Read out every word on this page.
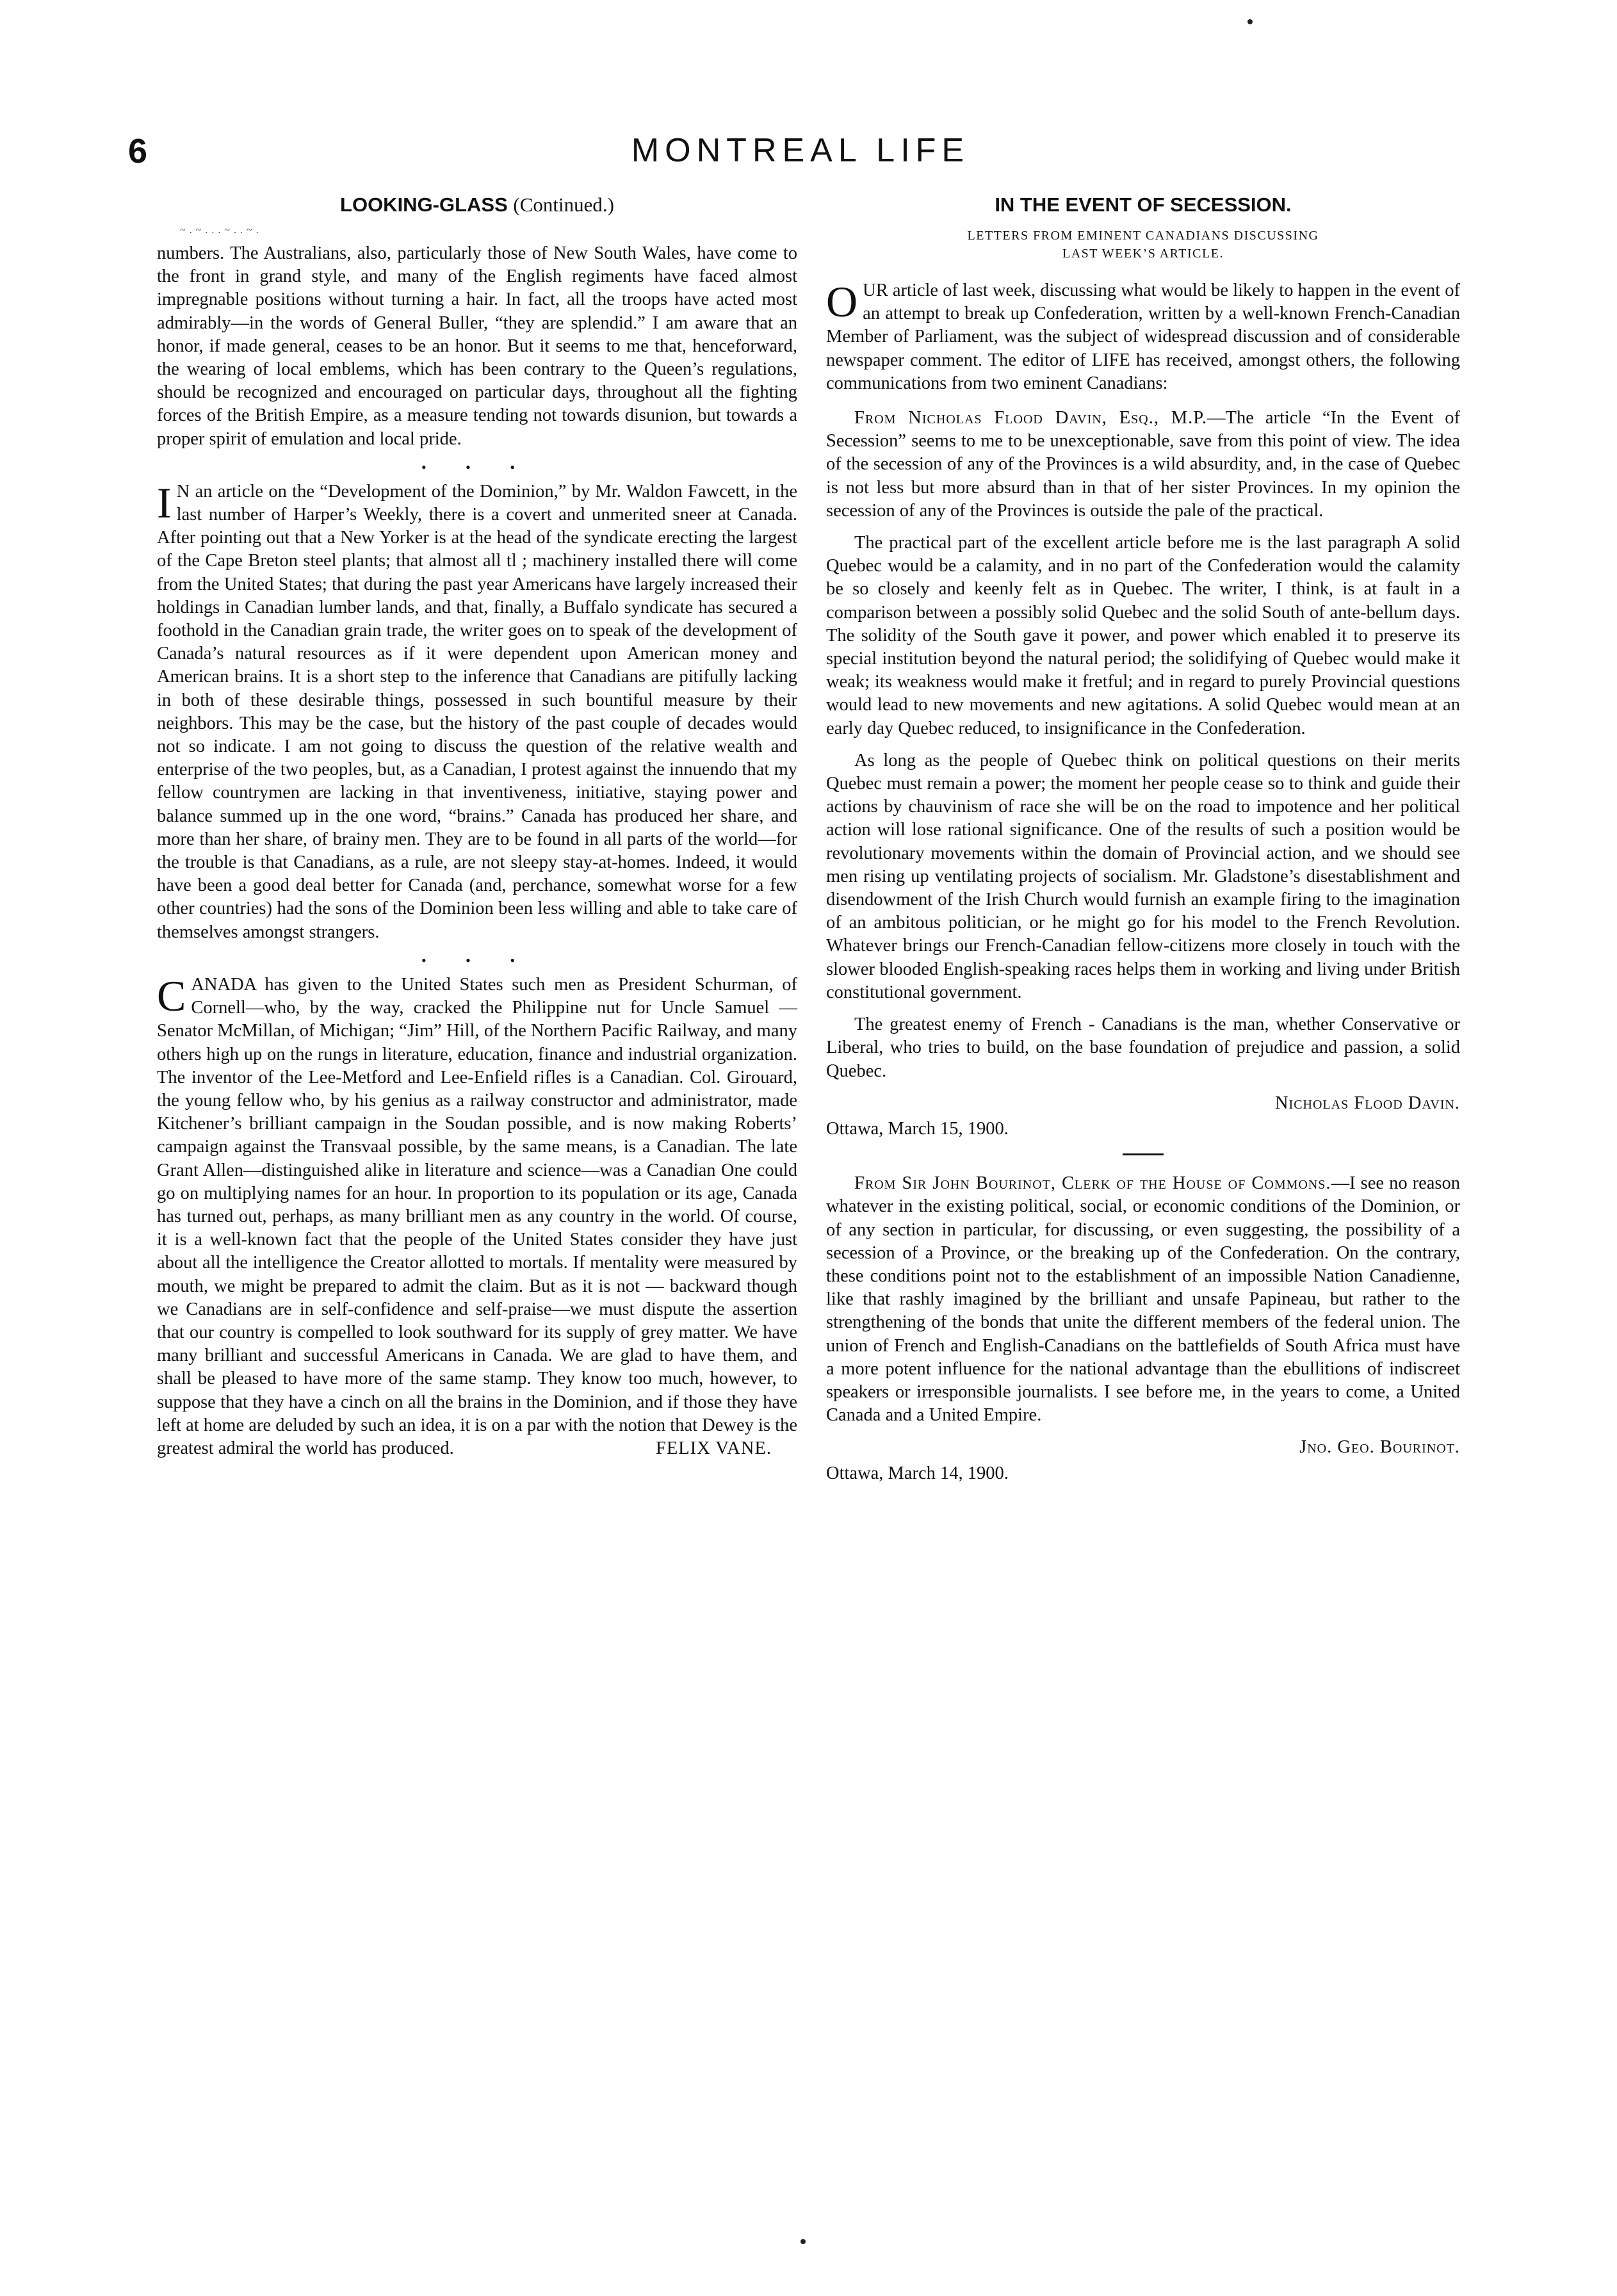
6	MONTREAL LIFE
LOOKING-GLASS (Continued.)
~.~...~..~.

numbers. The Australians, also, particularly those of New South Wales, have come to the front in grand style, and many of the English regiments have faced almost impregnable positions without turning a hair. In fact, all the troops have acted most admirably—in the words of General Buller, “they are splendid.” I am aware that an honor, if made general, ceases to be an honor. But it seems to me that, henceforward, the wearing of local emblems, which has been contrary to the Queen’s regulations, should be recognized and encouraged on particular days, throughout all the fighting forces of the British Empire, as a measure tending not towards disunion, but towards a proper spirit of emulation and local pride.

• • •

I N an article on the “Development of the Dominion,” by Mr. Waldon Fawcett, in the last number of Harper’s Weekly, there is a covert and unmerited sneer at Canada. After pointing out that a New Yorker is at the head of the syndicate erecting the largest of the Cape Breton steel plants; that almost all tl ; machinery installed there will come from the United States; that during the past year Americans have largely increased their holdings in Canadian lumber lands, and that, finally, a Buffalo syndicate has secured a foothold in the Canadian grain trade, the writer goes on to speak of the development of Canada’s natural resources as if it were dependent upon American money and American brains. It is a short step to the inference that Canadians are pitifully lacking in both of these desirable things, possessed in such bountiful measure by their neighbors. This may be the case, but the history of the past couple of decades would not so indicate. I am not going to discuss the question of the relative wealth and enterprise of the two peoples, but, as a Canadian, I protest against the innuendo that my fellow countrymen are lacking in that inventiveness, initiative, staying power and balance summed up in the one word, “brains.” Canada has produced her share, and more than her share, of brainy men. They are to be found in all parts of the world—for the trouble is that Canadians, as a rule, are not sleepy stay-at-homes. Indeed, it would have been a good deal better for Canada (and, perchance, somewhat worse for a few other countries) had the sons of the Dominion been less willing and able to take care of themselves amongst strangers.

• • •

CANADA has given to the United States such men as President Schurman, of Cornell—who, by the way, cracked the Philippine nut for Uncle Samuel — Senator McMillan, of Michigan; “Jim” Hill, of the Northern Pacific Railway, and many others high up on the rungs in literature, education, finance and industrial organization. The inventor of the Lee-Metford and Lee-Enfield rifles is a Canadian. Col. Girouard, the young fellow who, by his genius as a railway constructor and administrator, made Kitchener’s brilliant campaign in the Soudan possible, and is now making Roberts’ campaign against the Transvaal possible, by the same means, is a Canadian. The late Grant Allen—distinguished alike in literature and science—was a Canadian One could go on multiplying names for an hour. In proportion to its population or its age, Canada has turned out, perhaps, as many brilliant men as any country in the world. Of course, it is a well-known fact that the people of the United States consider they have just about all the intelligence the Creator allotted to mortals. If mentality were measured by mouth, we might be prepared to admit the claim. But as it is not — backward though we Canadians are in self-confidence and self-praise—we must dispute the assertion that our country is compelled to look southward for its supply of grey matter. We have many brilliant and successful Americans in Canada. We are glad to have them, and shall be pleased to have more of the same stamp. They know too much, however, to suppose that they have a cinch on all the brains in the Dominion, and if those they have left at home are deluded by such an idea, it is on a par with the notion that Dewey is the greatest admiral the world has produced.	FELIX VANE.

IN THE EVENT OF SECESSION.
LETTERS FROM EMINENT CANADIANS DISCUSSING
LAST WEEK’S ARTICLE.

OUR article of last week, discussing what would be likely to happen in the event of an attempt to break up Confederation, written by a well-known French-Canadian Member of Parliament, was the subject of widespread discussion and of considerable newspaper comment. The editor of LIFE has received, amongst others, the following communications from two eminent Canadians:

From Nicholas Flood Davin, Esq., M.P.—The article “In the Event of Secession” seems to me to be unexceptionable, save from this point of view. The idea of the secession of any of the Provinces is a wild absurdity, and, in the case of Quebec is not less but more absurd than in that of her sister Provinces. In my opinion the secession of any of the Provinces is outside the pale of the practical.

The practical part of the excellent article before me is the last paragraph A solid Quebec would be a calamity, and in no part of the Confederation would the calamity be so closely and keenly felt as in Quebec. The writer, I think, is at fault in a comparison between a possibly solid Quebec and the solid South of ante-bellum days. The solidity of the South gave it power, and power which enabled it to preserve its special institution beyond the natural period; the solidifying of Quebec would make it weak; its weakness would make it fretful; and in regard to purely Provincial questions would lead to new movements and new agitations. A solid Quebec would mean at an early day Quebec reduced, to insignificance in the Confederation.

As long as the people of Quebec think on political questions on their merits Quebec must remain a power; the moment her people cease so to think and guide their actions by chauvinism of race she will be on the road to impotence and her political action will lose rational significance. One of the results of such a position would be revolutionary movements within the domain of Provincial action, and we should see men rising up ventilating projects of socialism. Mr. Gladstone’s disestablishment and disendowment of the Irish Church would furnish an example firing to the imagination of an ambitous politician, or he might go for his model to the French Revolution. Whatever brings our French-Canadian fellow-citizens more closely in touch with the slower blooded English-speaking races helps them in working and living under British constitutional government.

The greatest enemy of French - Canadians is the man, whether Conservative or Liberal, who tries to build, on the base foundation of prejudice and passion, a solid Quebec.

Nicholas Flood Davin.
Ottawa, March 15, 1900.

From Sir John Bourinot, Clerk of the House of Commons.—I see no reason whatever in the existing political, social, or economic conditions of the Dominion, or of any section in particular, for discussing, or even suggesting, the possibility of a secession of a Province, or the breaking up of the Confederation. On the contrary, these conditions point not to the establishment of an impossible Nation Canadienne, like that rashly imagined by the brilliant and unsafe Papineau, but rather to the strengthening of the bonds that unite the different members of the federal union. The union of French and English-Canadians on the battlefields of South Africa must have a more potent influence for the national advantage than the ebullitions of indiscreet speakers or irresponsible journalists. I see before me, in the years to come, a United Canada and a United Empire.

Jno. Geo. Bourinot.
Ottawa, March 14, 1900.
